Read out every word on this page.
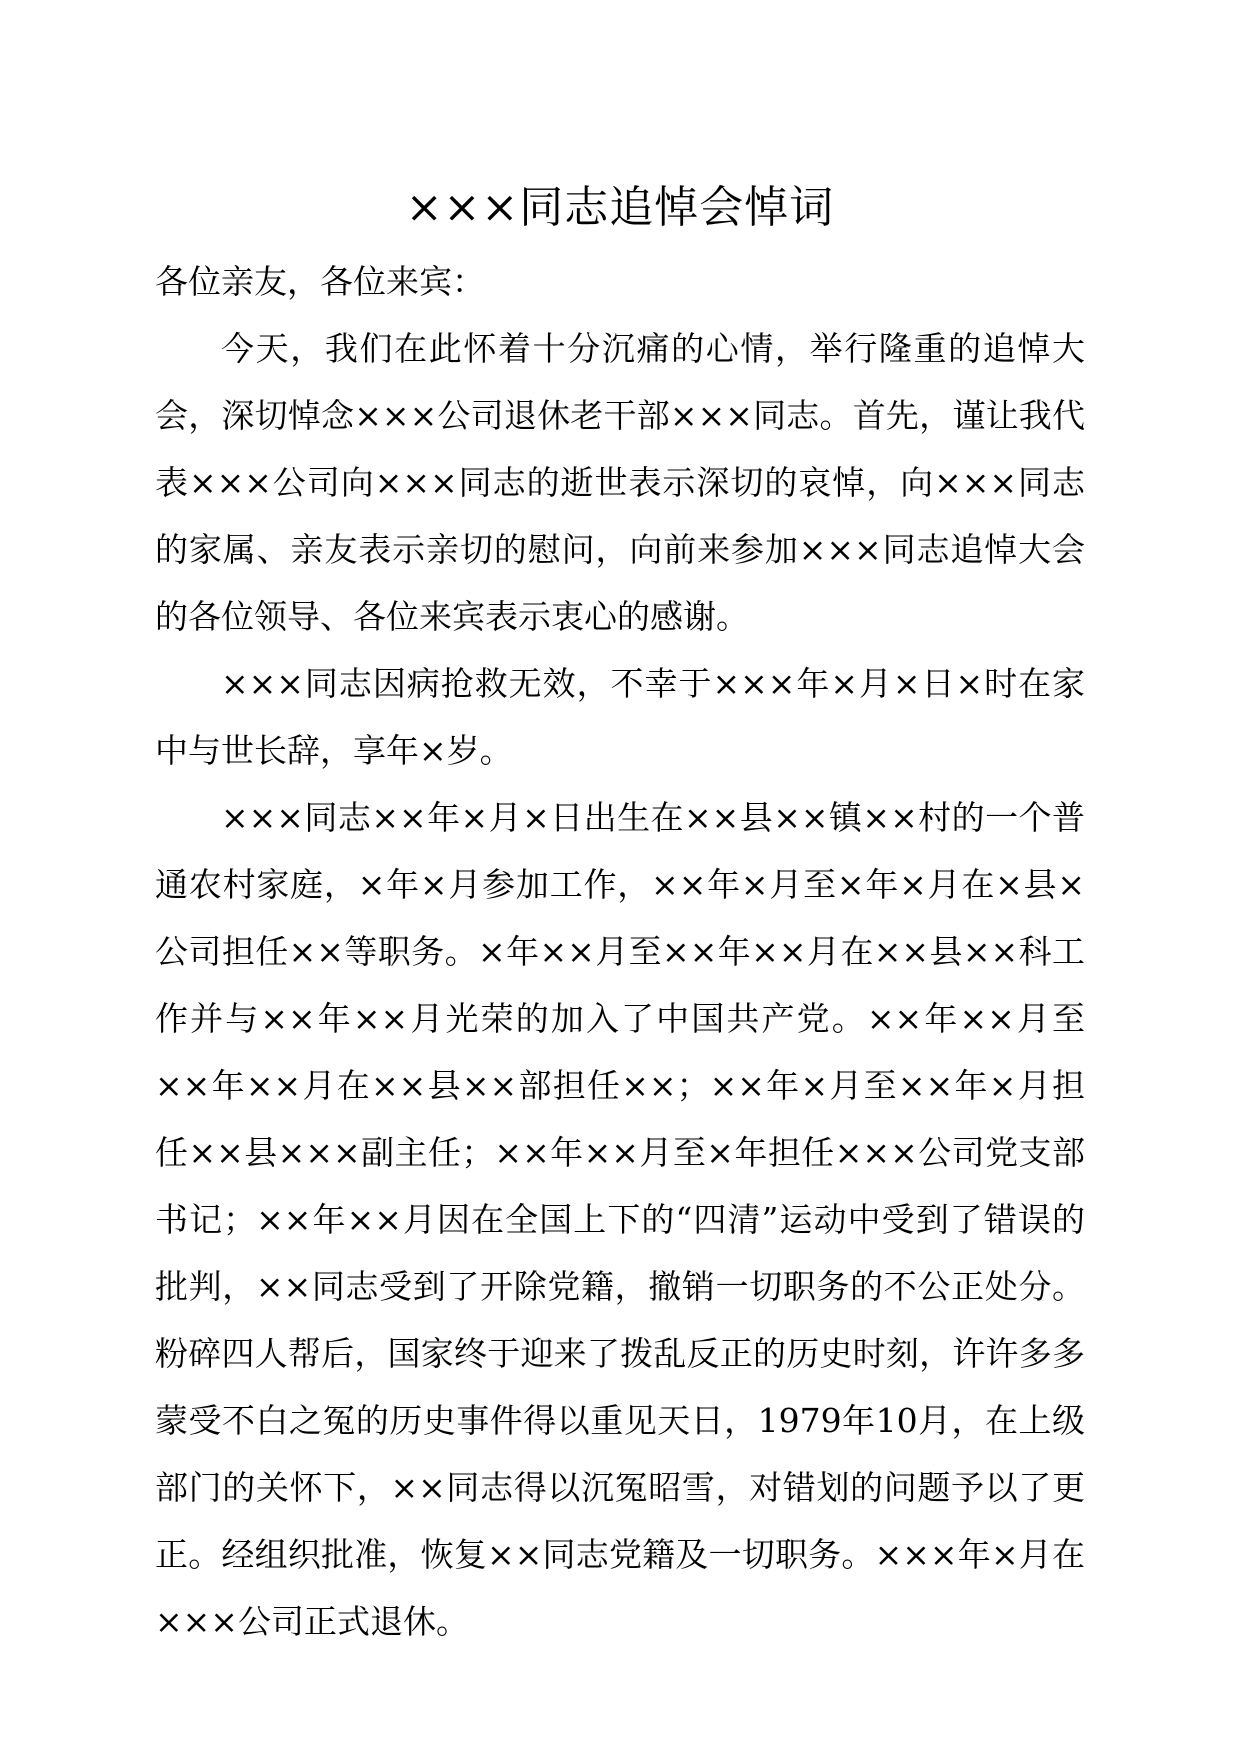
×××同志追悼会悼词

各位亲友，各位来宾：

今天，我们在此怀着十分沉痛的心情，举行隆重的追悼大会，深切悼念×××公司退休老干部×××同志。首先，谨让我代表×××公司向×××同志的逝世表示深切的哀悼，向×××同志的家属、亲友表示亲切的慰问，向前来参加×××同志追悼大会的各位领导、各位来宾表示衷心的感谢。

×××同志因病抢救无效，不幸于×××年×月×日×时在家中与世长辞，享年×岁。

×××同志××年×月×日出生在××县××镇××村的一个普通农村家庭，×年×月参加工作，××年×月至×年×月在×县×公司担任××等职务。×年××月至××年××月在××县××科工作并与××年××月光荣的加入了中国共产党。××年××月至××年××月在××县××部担任××；××年×月至××年×月担任××县×××副主任；××年××月至×年担任×××公司党支部书记；××年××月因在全国上下的“四清”运动中受到了错误的批判，××同志受到了开除党籍，撤销一切职务的不公正处分。粉碎四人帮后，国家终于迎来了拨乱反正的历史时刻，许许多多蒙受不白之冤的历史事件得以重见天日，1979年10月，在上级部门的关怀下，××同志得以沉冤昭雪，对错划的问题予以了更正。经组织批准，恢复××同志党籍及一切职务。×××年×月在×××公司正式退休。
